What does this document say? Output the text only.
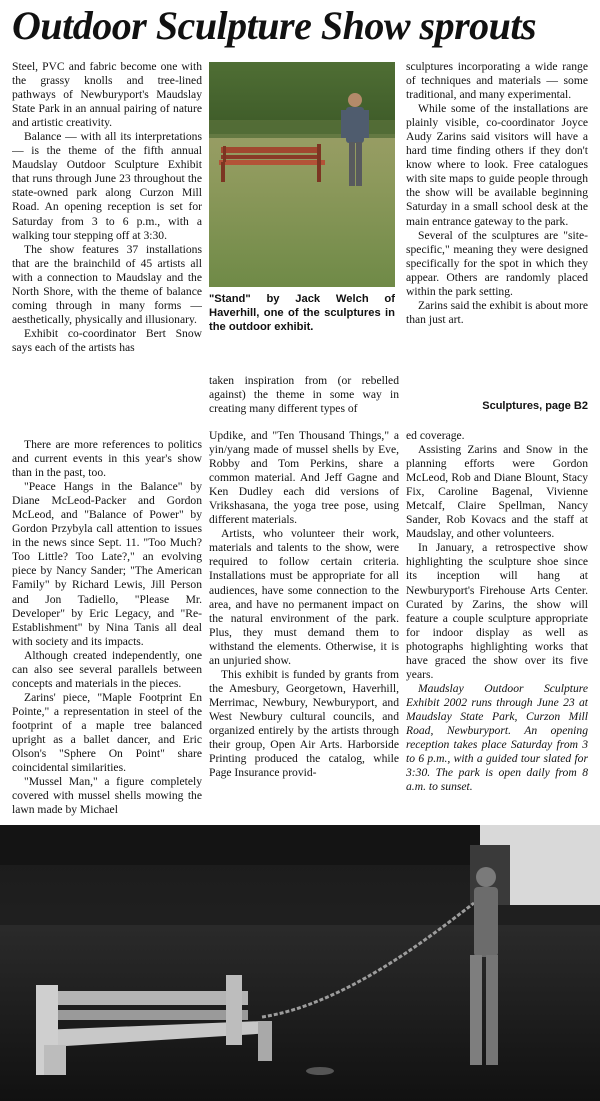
Outdoor Sculpture Show sprouts

Steel, PVC and fabric become one with the grassy knolls and tree-lined pathways of Newburyport's Maudslay State Park in an annual pairing of nature and artistic creativity.

Balance — with all its interpretations — is the theme of the fifth annual Maudslay Outdoor Sculpture Exhibit that runs through June 23 throughout the state-owned park along Curzon Mill Road. An opening reception is set for Saturday from 3 to 6 p.m., with a walking tour stepping off at 3:30.

The show features 37 installations that are the brainchild of 45 artists all with a connection to Maudslay and the North Shore, with the theme of balance coming through in many forms — aesthetically, physically and illusionary.

Exhibit co-coordinator Bert Snow says each of the artists has

"Stand" by Jack Welch of Haverhill, one of the sculptures in the outdoor exhibit.

taken inspiration from (or rebelled against) the theme in some way in creating many different types of

sculptures incorporating a wide range of techniques and materials — some traditional, and many experimental.

While some of the installations are plainly visible, co-coordinator Joyce Audy Zarins said visitors will have a hard time finding others if they don't know where to look. Free catalogues with site maps to guide people through the show will be available beginning Saturday in a small school desk at the main entrance gateway to the park.

Several of the sculptures are "site-specific," meaning they were designed specifically for the spot in which they appear. Others are randomly placed within the park setting.

Zarins said the exhibit is about more than just art.

Sculptures, page B2

There are more references to politics and current events in this year's show than in the past, too.

"Peace Hangs in the Balance" by Diane McLeod-Packer and Gordon McLeod, and "Balance of Power" by Gordon Przybyla call attention to issues in the news since Sept. 11. "Too Much? Too Little? Too Late?," an evolving piece by Nancy Sander; "The American Family" by Richard Lewis, Jill Person and Jon Tadiello, "Please Mr. Developer" by Eric Legacy, and "Re-Establishment" by Nina Tanis all deal with society and its impacts.

Although created independently, one can also see several parallels between concepts and materials in the pieces.

Zarins' piece, "Maple Footprint En Pointe," a representation in steel of the footprint of a maple tree balanced upright as a ballet dancer, and Eric Olson's "Sphere On Point" share coincidental similarities.

"Mussel Man," a figure completely covered with mussel shells mowing the lawn made by Michael

Updike, and "Ten Thousand Things," a yin/yang made of mussel shells by Eve, Robby and Tom Perkins, share a common material. And Jeff Gagne and Ken Dudley each did versions of Vrikshasana, the yoga tree pose, using different materials.

Artists, who volunteer their work, materials and talents to the show, were required to follow certain criteria. Installations must be appropriate for all audiences, have some connection to the area, and have no permanent impact on the natural environment of the park. Plus, they must demand them to withstand the elements. Otherwise, it is an unjuried show.

This exhibit is funded by grants from the Amesbury, Georgetown, Haverhill, Merrimac, Newbury, Newburyport, and West Newbury cultural councils, and organized entirely by the artists through their group, Open Air Arts. Harborside Printing produced the catalog, while Page Insurance provid-

ed coverage.

Assisting Zarins and Snow in the planning efforts were Gordon McLeod, Rob and Diane Blount, Stacy Fix, Caroline Bagenal, Vivienne Metcalf, Claire Spellman, Nancy Sander, Rob Kovacs and the staff at Maudslay, and other volunteers.

In January, a retrospective show highlighting the sculpture shoe since its inception will hang at Newburyport's Firehouse Arts Center. Curated by Zarins, the show will feature a couple sculpture appropriate for indoor display as well as photographs highlighting works that have graced the show over its five years.

Maudslay Outdoor Sculpture Exhibit 2002 runs through June 23 at Maudslay State Park, Curzon Mill Road, Newburyport. An opening reception takes place Saturday from 3 to 6 p.m., with a guided tour slated for 3:30. The park is open daily from 8 a.m. to sunset.
